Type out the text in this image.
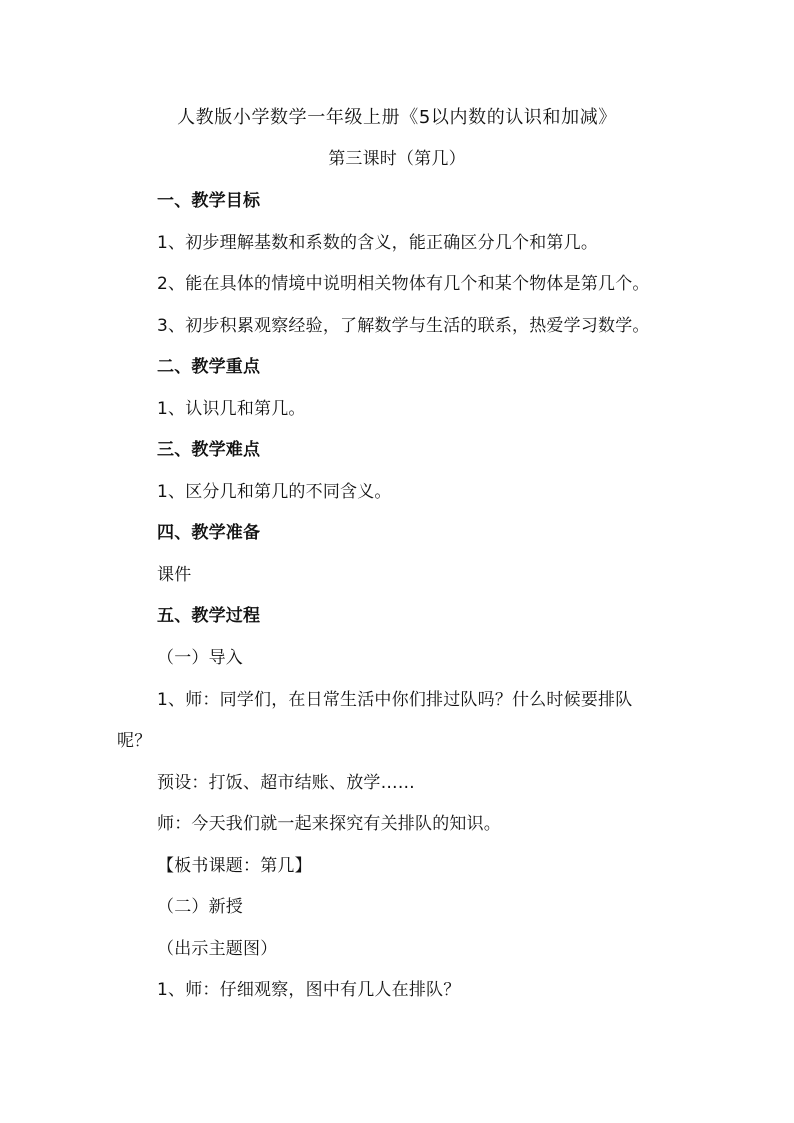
人教版小学数学一年级上册《5以内数的认识和加减》
第三课时（第几）
一、教学目标
1、初步理解基数和系数的含义，能正确区分几个和第几。
2、能在具体的情境中说明相关物体有几个和某个物体是第几个。
3、初步积累观察经验，了解数学与生活的联系，热爱学习数学。
二、教学重点
1、认识几和第几。
三、教学难点
1、区分几和第几的不同含义。
四、教学准备
课件
五、教学过程
（一）导入
1、师：同学们，在日常生活中你们排过队吗？什么时候要排队
呢？
预设：打饭、超市结账、放学……
师：今天我们就一起来探究有关排队的知识。
【板书课题：第几】
（二）新授
（出示主题图）
1、师：仔细观察，图中有几人在排队？
